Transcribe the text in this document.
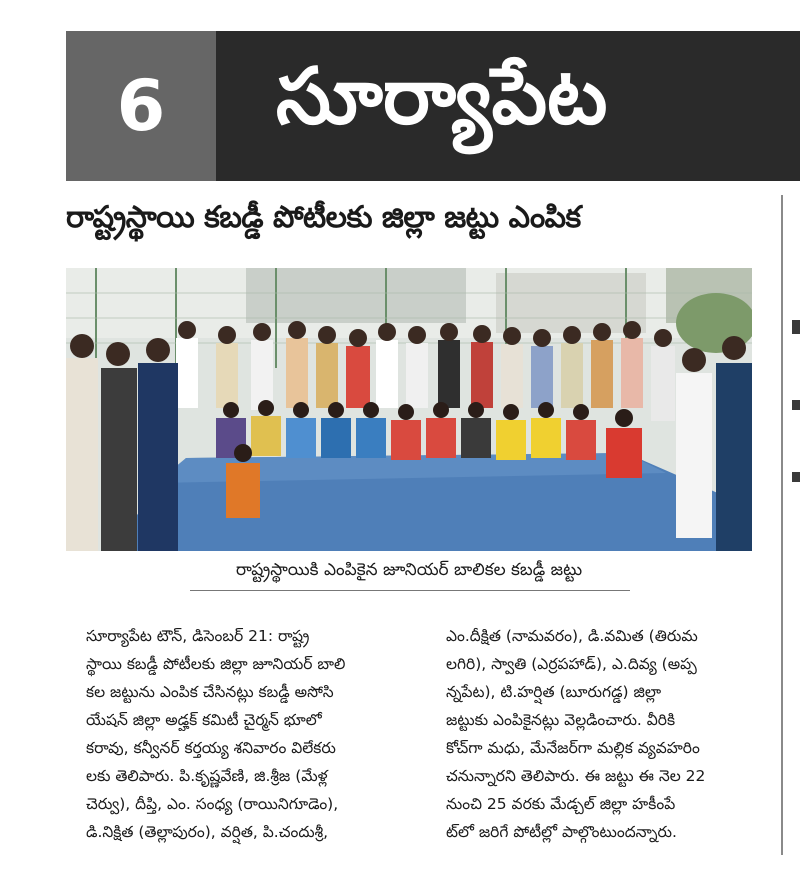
6	సూర్యాపేట
రాష్ట్రస్థాయి కబడ్డీ పోటీలకు జిల్లా జట్టు ఎంపిక
రాష్ట్రస్థాయికి ఎంపికైన జూనియర్ బాలికల కబడ్డీ జట్టు
సూర్యాపేట టౌన్, డిసెంబర్ 21: రాష్ట్ర
స్థాయి కబడ్డీ పోటీలకు జిల్లా జూనియర్ బాలి
కల జట్టును ఎంపిక చేసినట్లు కబడ్డీ అసోసి
యేషన్ జిల్లా అడ్హక్ కమిటీ చైర్మన్ భూలో
కరావు, కన్వీనర్ కర్తయ్య శనివారం విలేకరు
లకు తెలిపారు. పి.కృష్ణవేణి, జి.శ్రీజ (మేళ్ల
చెర్వు), దీప్తి, ఎం. సంధ్య (రాయినిగూడెం),
డి.నిక్షిత (తెల్లాపురం), వర్షిత, పి.చందుశ్రీ,
ఎం.దీక్షిత (నామవరం), డి.వమిత (తిరుమ
లగిరి), స్వాతి (ఎర్రపహాడ్), ఎ.దివ్య (అప్ప
న్నపేట), టి.హర్షిత (బూరుగడ్డ) జిల్లా
జట్టుకు ఎంపికైనట్లు వెల్లడించారు. వీరికి
కోచ్‌గా మధు, మేనేజర్‌గా మల్లిక వ్యవహరిం
చనున్నారని తెలిపారు. ఈ జట్టు ఈ నెల 22
నుంచి 25 వరకు మేడ్చల్ జిల్లా హకీంపే
ట్‌లో జరిగే పోటీల్లో పాల్గొంటుందన్నారు.
